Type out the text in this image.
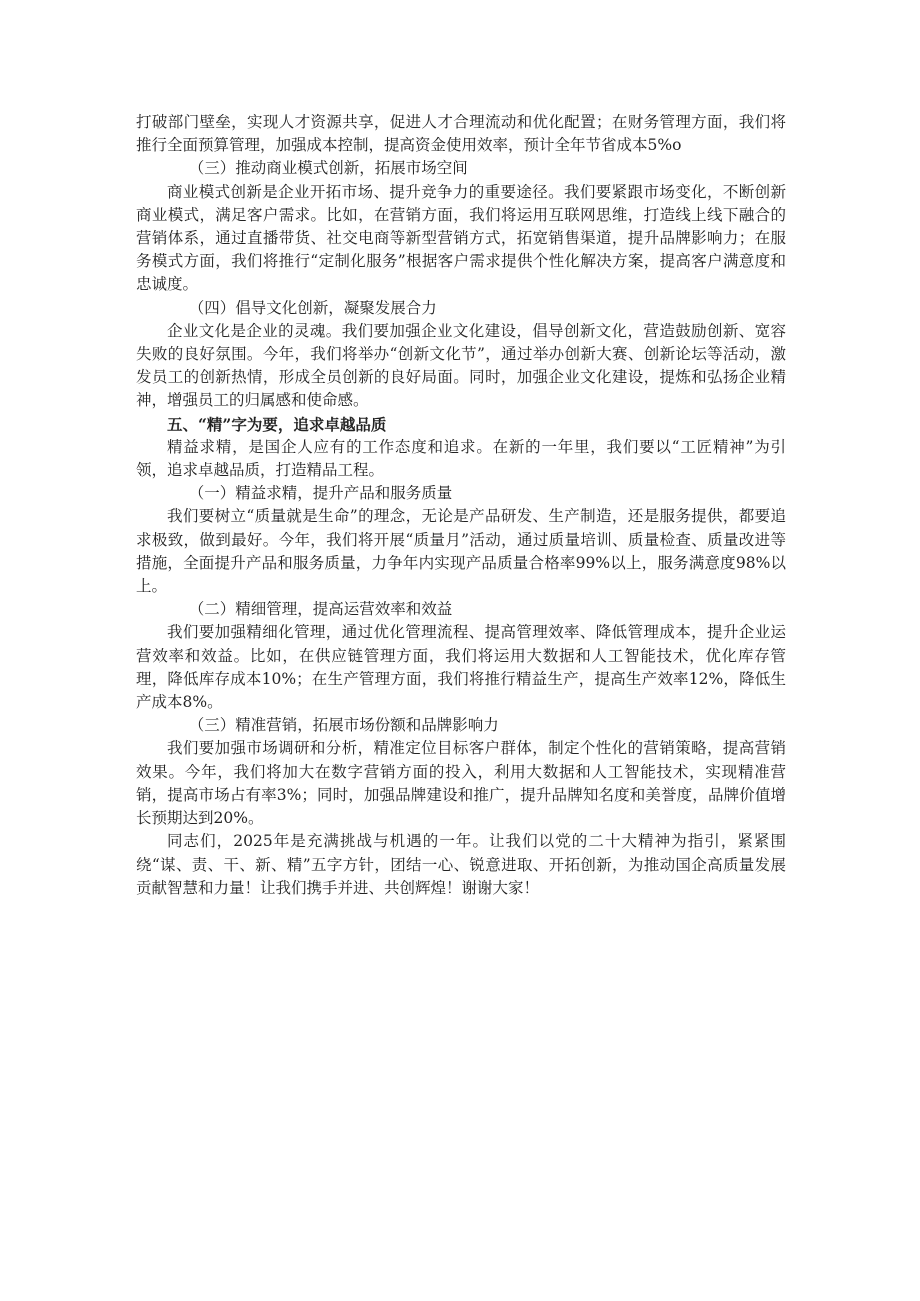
打破部门壁垒，实现人才资源共享，促进人才合理流动和优化配置；在财务管理方面，我们将推行全面预算管理，加强成本控制，提高资金使用效率，预计全年节省成本5%o

（三）推动商业模式创新，拓展市场空间

商业模式创新是企业开拓市场、提升竞争力的重要途径。我们要紧跟市场变化，不断创新商业模式，满足客户需求。比如，在营销方面，我们将运用互联网思维，打造线上线下融合的营销体系，通过直播带货、社交电商等新型营销方式，拓宽销售渠道，提升品牌影响力；在服务模式方面，我们将推行“定制化服务”根据客户需求提供个性化解决方案，提高客户满意度和忠诚度。

（四）倡导文化创新，凝聚发展合力

企业文化是企业的灵魂。我们要加强企业文化建设，倡导创新文化，营造鼓励创新、宽容失败的良好氛围。今年，我们将举办“创新文化节”，通过举办创新大赛、创新论坛等活动，激发员工的创新热情，形成全员创新的良好局面。同时，加强企业文化建设，提炼和弘扬企业精神，增强员工的归属感和使命感。

五、“精”字为要，追求卓越品质

精益求精，是国企人应有的工作态度和追求。在新的一年里，我们要以“工匠精神”为引领，追求卓越品质，打造精品工程。

（一）精益求精，提升产品和服务质量

我们要树立“质量就是生命”的理念，无论是产品研发、生产制造，还是服务提供，都要追求极致，做到最好。今年，我们将开展“质量月”活动，通过质量培训、质量检查、质量改进等措施，全面提升产品和服务质量，力争年内实现产品质量合格率99%以上，服务满意度98%以上。

（二）精细管理，提高运营效率和效益

我们要加强精细化管理，通过优化管理流程、提高管理效率、降低管理成本，提升企业运营效率和效益。比如，在供应链管理方面，我们将运用大数据和人工智能技术，优化库存管理，降低库存成本10%；在生产管理方面，我们将推行精益生产，提高生产效率12%，降低生产成本8%。

（三）精准营销，拓展市场份额和品牌影响力

我们要加强市场调研和分析，精准定位目标客户群体，制定个性化的营销策略，提高营销效果。今年，我们将加大在数字营销方面的投入，利用大数据和人工智能技术，实现精准营销，提高市场占有率3%；同时，加强品牌建设和推广，提升品牌知名度和美誉度，品牌价值增长预期达到20%。

同志们，2025年是充满挑战与机遇的一年。让我们以党的二十大精神为指引，紧紧围绕“谋、责、干、新、精”五字方针，团结一心、锐意进取、开拓创新，为推动国企高质量发展贡献智慧和力量！让我们携手并进、共创辉煌！谢谢大家！
